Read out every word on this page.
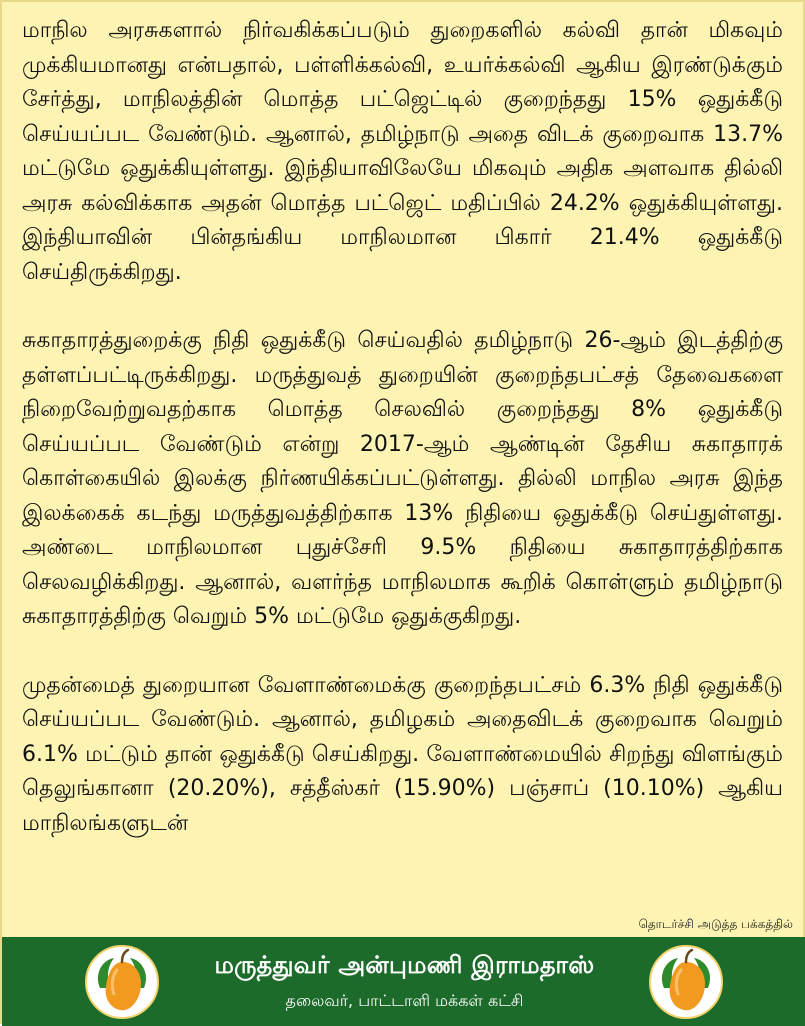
மாநில அரசுகளால் நிர்வகிக்கப்படும் துறைகளில் கல்வி தான் மிகவும் முக்கியமானது என்பதால், பள்ளிக்கல்வி, உயர்க்கல்வி ஆகிய இரண்டுக்கும் சேர்த்து, மாநிலத்தின் மொத்த பட்ஜெட்டில் குறைந்தது 15% ஒதுக்கீடு செய்யப்பட வேண்டும். ஆனால், தமிழ்நாடு அதை விடக் குறைவாக 13.7% மட்டுமே ஒதுக்கியுள்ளது. இந்தியாவிலேயே மிகவும் அதிக அளவாக தில்லி அரசு கல்விக்காக அதன் மொத்த பட்ஜெட் மதிப்பில் 24.2% ஒதுக்கியுள்ளது. இந்தியாவின் பின்தங்கிய மாநிலமான பிகார் 21.4% ஒதுக்கீடு செய்திருக்கிறது.

சுகாதாரத்துறைக்கு நிதி ஒதுக்கீடு செய்வதில் தமிழ்நாடு 26-ஆம் இடத்திற்கு தள்ளப்பட்டிருக்கிறது. மருத்துவத் துறையின் குறைந்தபட்சத் தேவைகளை நிறைவேற்றுவதற்காக மொத்த செலவில் குறைந்தது 8% ஒதுக்கீடு செய்யப்பட வேண்டும் என்று 2017-ஆம் ஆண்டின் தேசிய சுகாதாரக் கொள்கையில் இலக்கு நிர்ணயிக்கப்பட்டுள்ளது. தில்லி மாநில அரசு இந்த இலக்கைக் கடந்து மருத்துவத்திற்காக 13% நிதியை ஒதுக்கீடு செய்துள்ளது. அண்டை மாநிலமான புதுச்சேரி 9.5% நிதியை சுகாதாரத்திற்காக செலவழிக்கிறது. ஆனால், வளர்ந்த மாநிலமாக கூறிக் கொள்ளும் தமிழ்நாடு சுகாதாரத்திற்கு வெறும் 5% மட்டுமே ஒதுக்குகிறது.

முதன்மைத் துறையான வேளாண்மைக்கு குறைந்தபட்சம் 6.3% நிதி ஒதுக்கீடு செய்யப்பட வேண்டும். ஆனால், தமிழகம் அதைவிடக் குறைவாக வெறும் 6.1% மட்டும் தான் ஒதுக்கீடு செய்கிறது. வேளாண்மையில் சிறந்து விளங்கும் தெலுங்கானா (20.20%), சத்தீஸ்கர் (15.90%) பஞ்சாப் (10.10%) ஆகிய மாநிலங்களுடன்

தொடர்ச்சி அடுத்த பக்கத்தில்
மருத்துவர் அன்புமணி இராமதாஸ்
தலைவர், பாட்டாளி மக்கள் கட்சி
